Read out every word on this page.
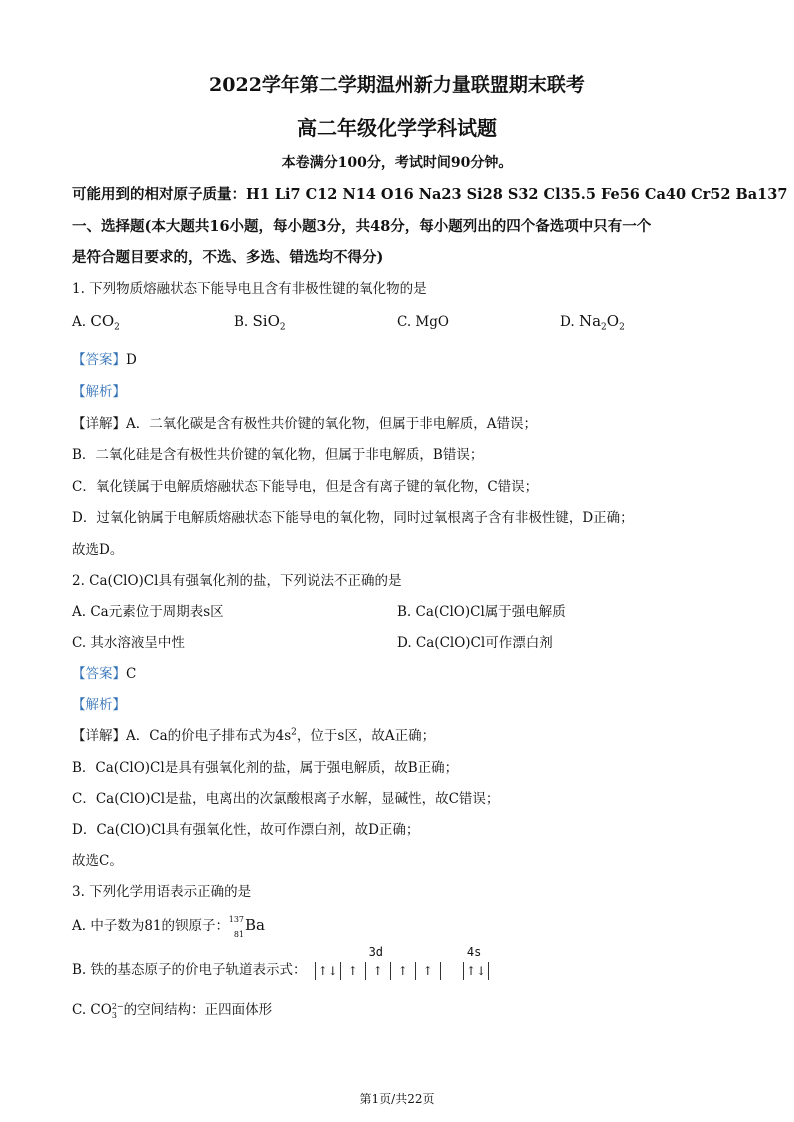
2022学年第二学期温州新力量联盟期末联考
高二年级化学学科试题
本卷满分100分，考试时间90分钟。
可能用到的相对原子质量：H1 Li7 C12 N14 O16 Na23 Si28 S32 Cl35.5 Fe56 Ca40 Cr52 Ba137
一、选择题(本大题共16小题，每小题3分，共48分，每小题列出的四个备选项中只有一个
是符合题目要求的，不选、多选、错选均不得分)
1. 下列物质熔融状态下能导电且含有非极性键的氧化物的是
A. $CO_2$	B. SiO$_2$	C. MgO	D. $Na_2O_2$
【答案】D
【解析】
【详解】A．二氧化碳是含有极性共价键的氧化物，但属于非电解质，A错误；
B．二氧化硅是含有极性共价键的氧化物，但属于非电解质，B错误；
C．氧化镁属于电解质熔融状态下能导电，但是含有离子键的氧化物，C错误；
D．过氧化钠属于电解质熔融状态下能导电的氧化物，同时过氧根离子含有非极性键，D正确；
故选D。
2. Ca(ClO)Cl具有强氧化剂的盐，下列说法不正确的是
A. Ca元素位于周期表s区	B. Ca(ClO)Cl属于强电解质
C. 其水溶液呈中性	D. Ca(ClO)Cl可作漂白剂
【答案】C
【解析】
【详解】A．Ca的价电子排布式为$4s^2$，位于s区，故A正确；
B．Ca(ClO)Cl是具有强氧化剂的盐，属于强电解质，故B正确；
C．Ca(ClO)Cl是盐，电离出的次氯酸根离子水解，显碱性，故C错误；
D．Ca(ClO)Cl具有强氧化性，故可作漂白剂，故D正确；
故选C。
3. 下列化学用语表示正确的是
A. 中子数为81的钡原子： 137
81 Ba
B. 铁的基态原子的价电子轨道表示式：
3d
↑↓ ↑	↑	↑	↑

4s
↑↓
C. CO 2−
3 的空间结构：正四面体形
第1页/共22页
